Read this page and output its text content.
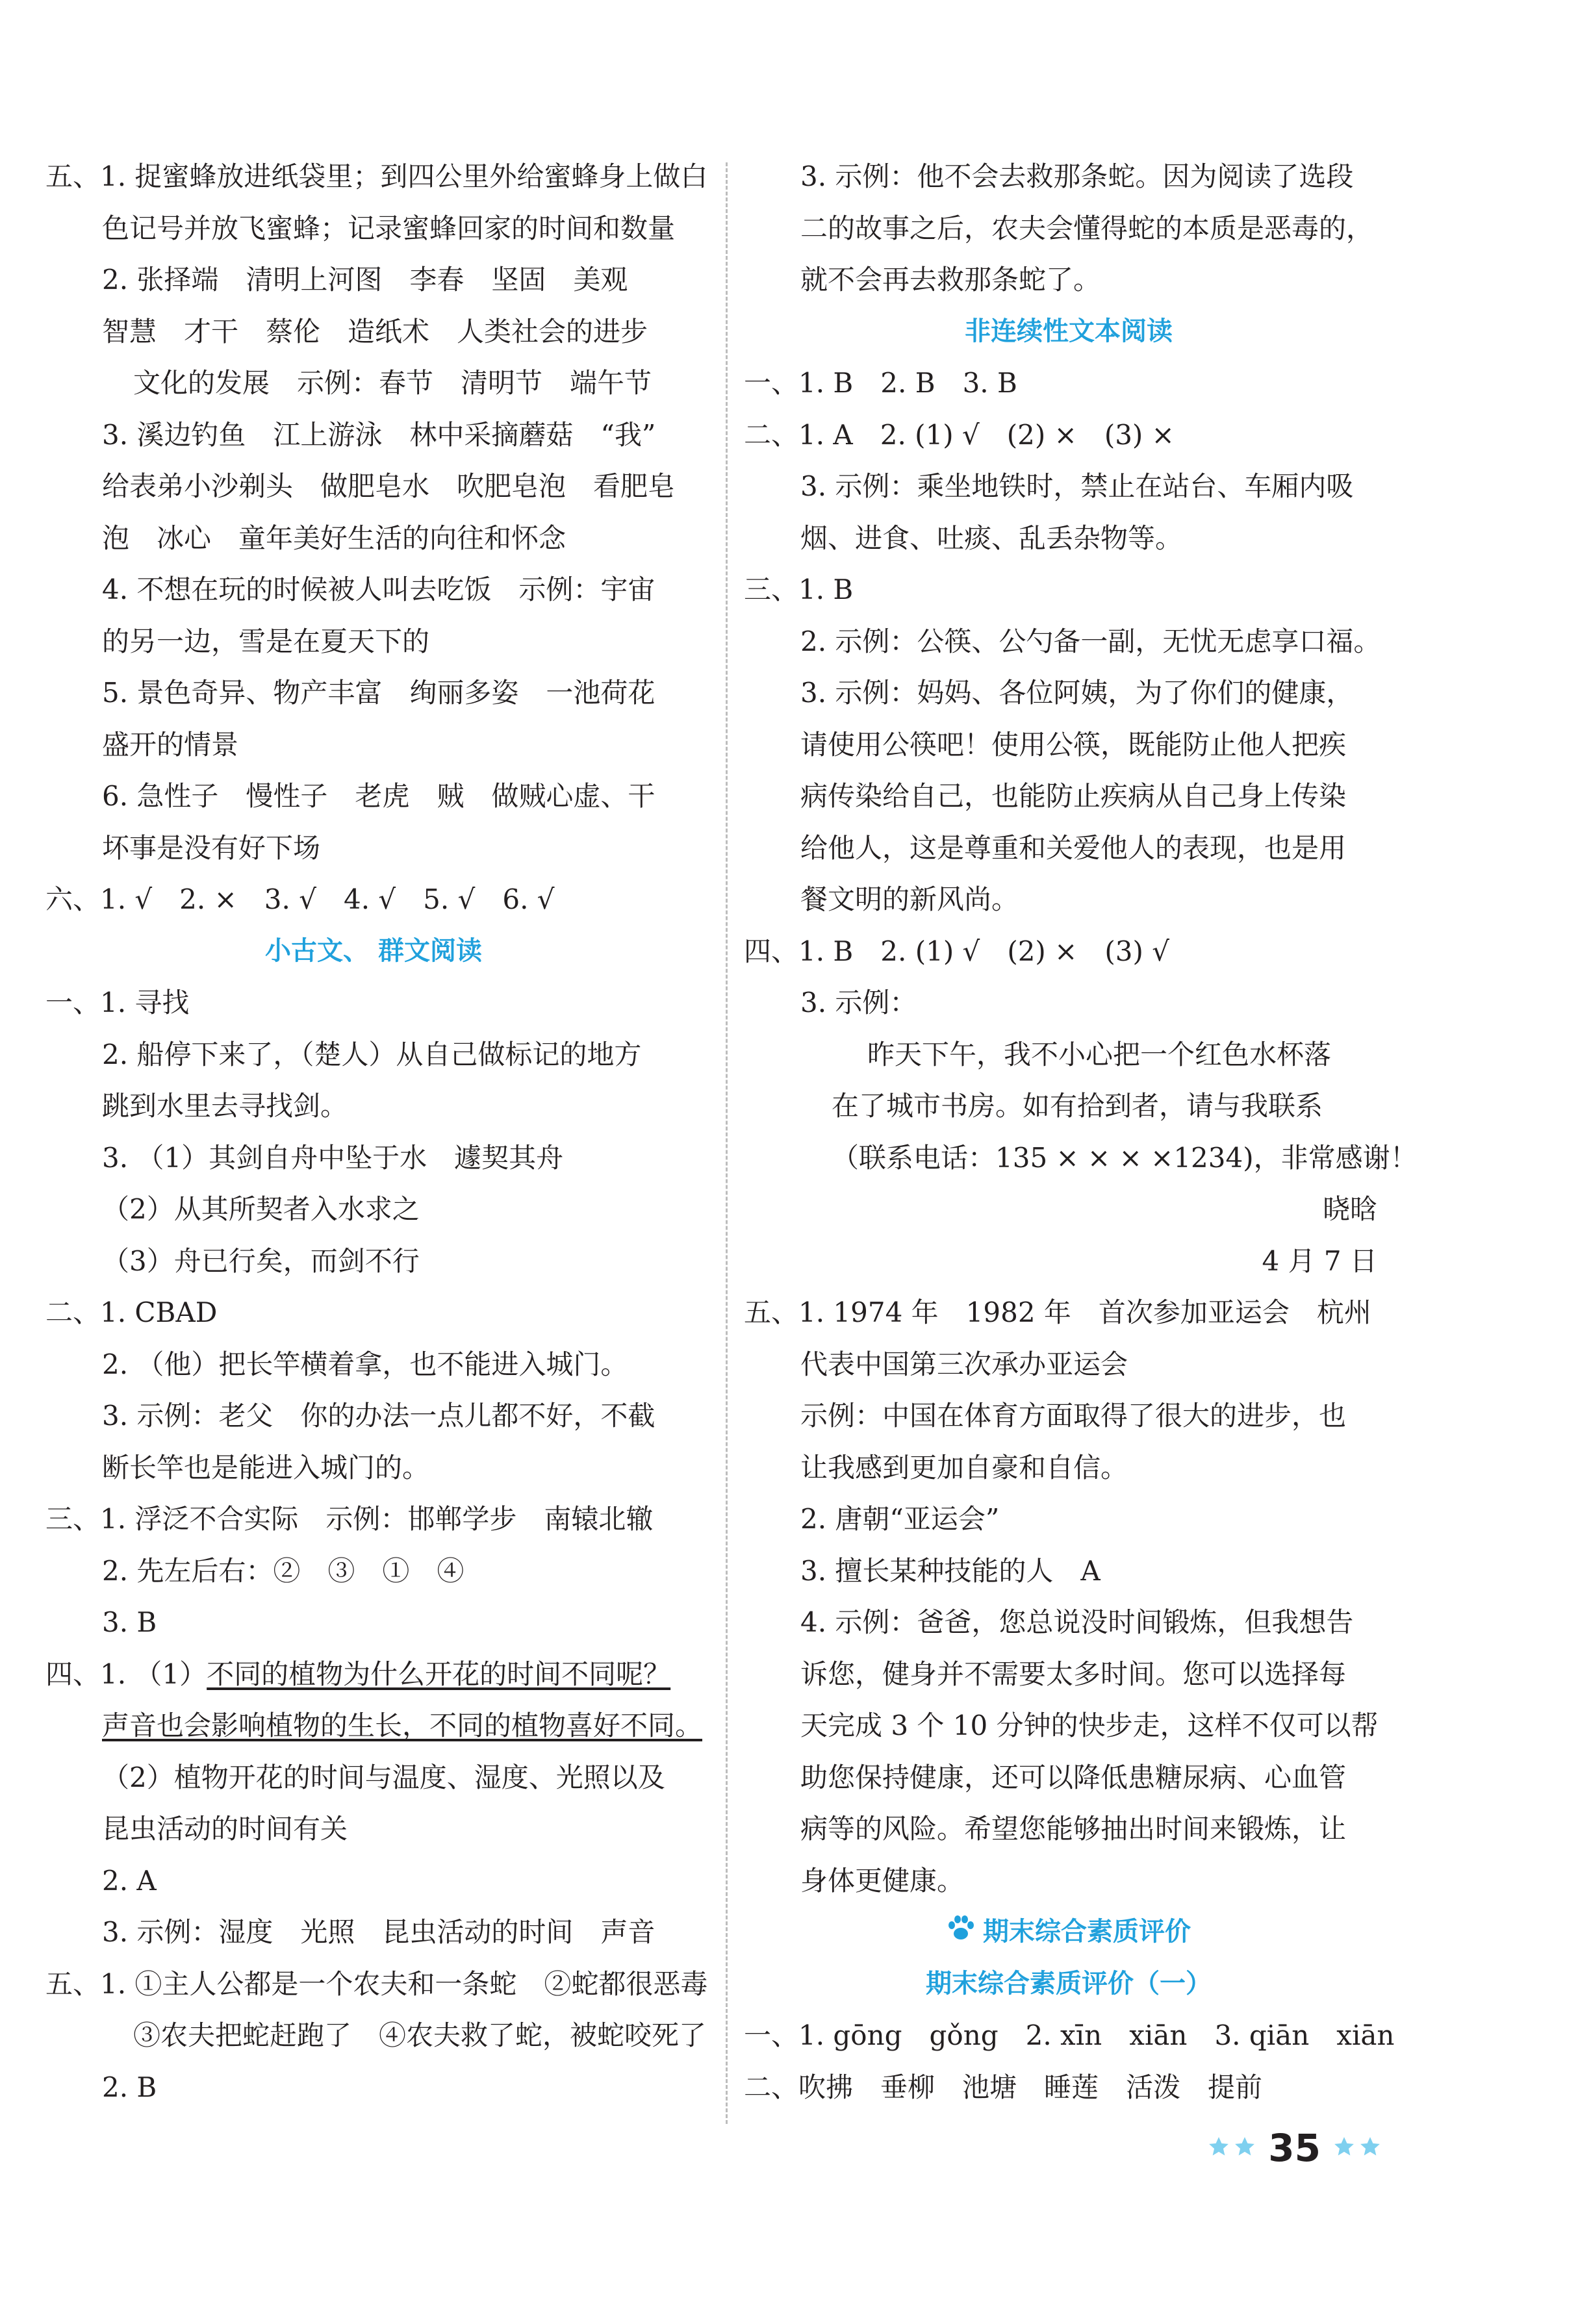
五、1. 捉蜜蜂放进纸袋里；到四公里外给蜜蜂身上做白
色记号并放飞蜜蜂；记录蜜蜂回家的时间和数量
2. 张择端　清明上河图　李春　坚固　美观
智慧　才干　蔡伦　造纸术　人类社会的进步
文化的发展　示例：春节　清明节　端午节
3. 溪边钓鱼　江上游泳　林中采摘蘑菇　“我”
给表弟小沙剃头　做肥皂水　吹肥皂泡　看肥皂
泡　冰心　童年美好生活的向往和怀念
4. 不想在玩的时候被人叫去吃饭　示例：宇宙
的另一边，雪是在夏天下的
5. 景色奇异、物产丰富　绚丽多姿　一池荷花
盛开的情景
6. 急性子　慢性子　老虎　贼　做贼心虚、干
坏事是没有好下场
六、1. √　2. ×　3. √　4. √　5. √　6. √
小古文、 群文阅读
一、1. 寻找
2. 船停下来了，（楚人）从自己做标记的地方
跳到水里去寻找剑。
3. （1）其剑自舟中坠于水　遽契其舟
（2）从其所契者入水求之
（3）舟已行矣，而剑不行
二、1. CBAD
2. （他）把长竿横着拿，也不能进入城门。
3. 示例：老父　你的办法一点儿都不好，不截
断长竿也是能进入城门的。
三、1. 浮泛不合实际　示例：邯郸学步　南辕北辙
2. 先左后右：②　③　①　④
3. B
四、1. （1）不同的植物为什么开花的时间不同呢？
声音也会影响植物的生长，不同的植物喜好不同。
（2）植物开花的时间与温度、湿度、光照以及
昆虫活动的时间有关
2. A
3. 示例：湿度　光照　昆虫活动的时间　声音
五、1. ①主人公都是一个农夫和一条蛇　②蛇都很恶毒
③农夫把蛇赶跑了　④农夫救了蛇，被蛇咬死了
2. B
3. 示例：他不会去救那条蛇。因为阅读了选段
二的故事之后，农夫会懂得蛇的本质是恶毒的，
就不会再去救那条蛇了。
非连续性文本阅读
一、1. B　2. B　3. B
二、1. A　2. (1) √　(2) ×　(3) ×
3. 示例：乘坐地铁时，禁止在站台、车厢内吸
烟、进食、吐痰、乱丢杂物等。
三、1. B
2. 示例：公筷、公勺备一副，无忧无虑享口福。
3. 示例：妈妈、各位阿姨，为了你们的健康，
请使用公筷吧！使用公筷，既能防止他人把疾
病传染给自己，也能防止疾病从自己身上传染
给他人，这是尊重和关爱他人的表现，也是用
餐文明的新风尚。
四、1. B　2. (1) √　(2) ×　(3) √
3. 示例：
昨天下午，我不小心把一个红色水杯落
在了城市书房。如有拾到者，请与我联系
（联系电话：135 × × × ×1234)，非常感谢！
晓晗
4 月 7 日
五、1. 1974 年　1982 年　首次参加亚运会　杭州
代表中国第三次承办亚运会
示例：中国在体育方面取得了很大的进步，也
让我感到更加自豪和自信。
2. 唐朝“亚运会”
3. 擅长某种技能的人　A
4. 示例：爸爸，您总说没时间锻炼，但我想告
诉您，健身并不需要太多时间。您可以选择每
天完成 3 个 10 分钟的快步走，这样不仅可以帮
助您保持健康，还可以降低患糖尿病、心血管
病等的风险。希望您能够抽出时间来锻炼，让
身体更健康。
期末综合素质评价
期末综合素质评价（一）
一、1. gōng　gǒng　2. xīn　xiān　3. qiān　xiān
二、吹拂　垂柳　池塘　睡莲　活泼　提前
35
